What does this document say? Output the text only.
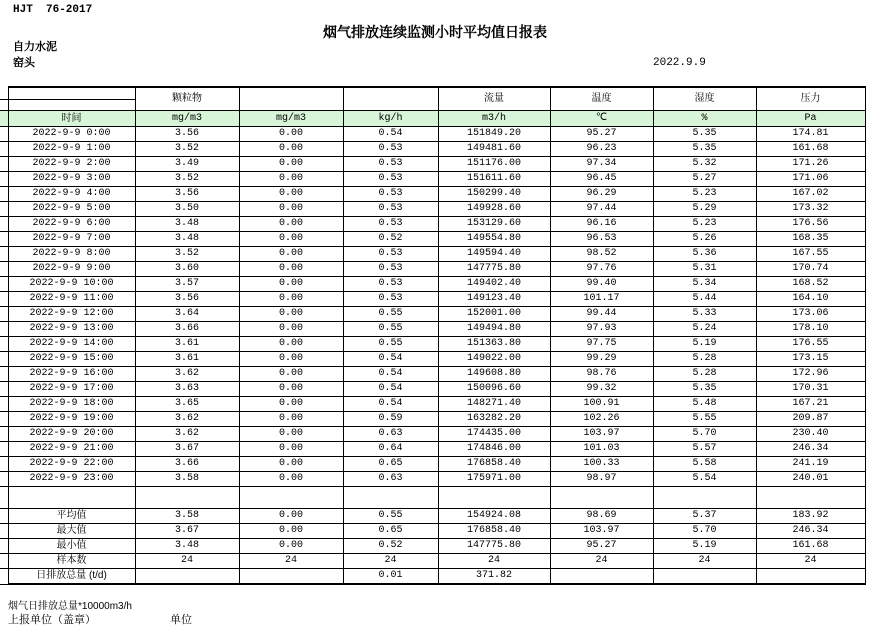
HJT  76-2017
烟气排放连续监测小时平均值日报表
自力水泥
窑头	2022.9.9
		颗粒物			流量	温度	湿度	压力

	时间	mg/m3	mg/m3	kg/h	m3/h	℃	%	Pa
	2022-9-9 0:00	3.56	0.00	0.54	151849.20	95.27	5.35	174.81
	2022-9-9 1:00	3.52	0.00	0.53	149481.60	96.23	5.35	161.68
	2022-9-9 2:00	3.49	0.00	0.53	151176.00	97.34	5.32	171.26
	2022-9-9 3:00	3.52	0.00	0.53	151611.60	96.45	5.27	171.06
	2022-9-9 4:00	3.56	0.00	0.53	150299.40	96.29	5.23	167.02
	2022-9-9 5:00	3.50	0.00	0.53	149928.60	97.44	5.29	173.32
	2022-9-9 6:00	3.48	0.00	0.53	153129.60	96.16	5.23	176.56
	2022-9-9 7:00	3.48	0.00	0.52	149554.80	96.53	5.26	168.35
	2022-9-9 8:00	3.52	0.00	0.53	149594.40	98.52	5.36	167.55
	2022-9-9 9:00	3.60	0.00	0.53	147775.80	97.76	5.31	170.74
	2022-9-9 10:00	3.57	0.00	0.53	149402.40	99.40	5.34	168.52
	2022-9-9 11:00	3.56	0.00	0.53	149123.40	101.17	5.44	164.10
	2022-9-9 12:00	3.64	0.00	0.55	152001.00	99.44	5.33	173.06
	2022-9-9 13:00	3.66	0.00	0.55	149494.80	97.93	5.24	178.10
	2022-9-9 14:00	3.61	0.00	0.55	151363.80	97.75	5.19	176.55
	2022-9-9 15:00	3.61	0.00	0.54	149022.00	99.29	5.28	173.15
	2022-9-9 16:00	3.62	0.00	0.54	149608.80	98.76	5.28	172.96
	2022-9-9 17:00	3.63	0.00	0.54	150096.60	99.32	5.35	170.31
	2022-9-9 18:00	3.65	0.00	0.54	148271.40	100.91	5.48	167.21
	2022-9-9 19:00	3.62	0.00	0.59	163282.20	102.26	5.55	209.87
	2022-9-9 20:00	3.62	0.00	0.63	174435.00	103.97	5.70	230.40
	2022-9-9 21:00	3.67	0.00	0.64	174846.00	101.03	5.57	246.34
	2022-9-9 22:00	3.66	0.00	0.65	176858.40	100.33	5.58	241.19
	2022-9-9 23:00	3.58	0.00	0.63	175971.00	98.97	5.54	240.01

	平均值	3.58	0.00	0.55	154924.08	98.69	5.37	183.92
	最大值	3.67	0.00	0.65	176858.40	103.97	5.70	246.34
	最小值	3.48	0.00	0.52	147775.80	95.27	5.19	161.68
	样本数	24	24	24	24	24	24	24
	日排放总量 (t/d)			0.01	371.82			
烟气日排放总量*10000m3/h
上报单位（盖章）	单位
